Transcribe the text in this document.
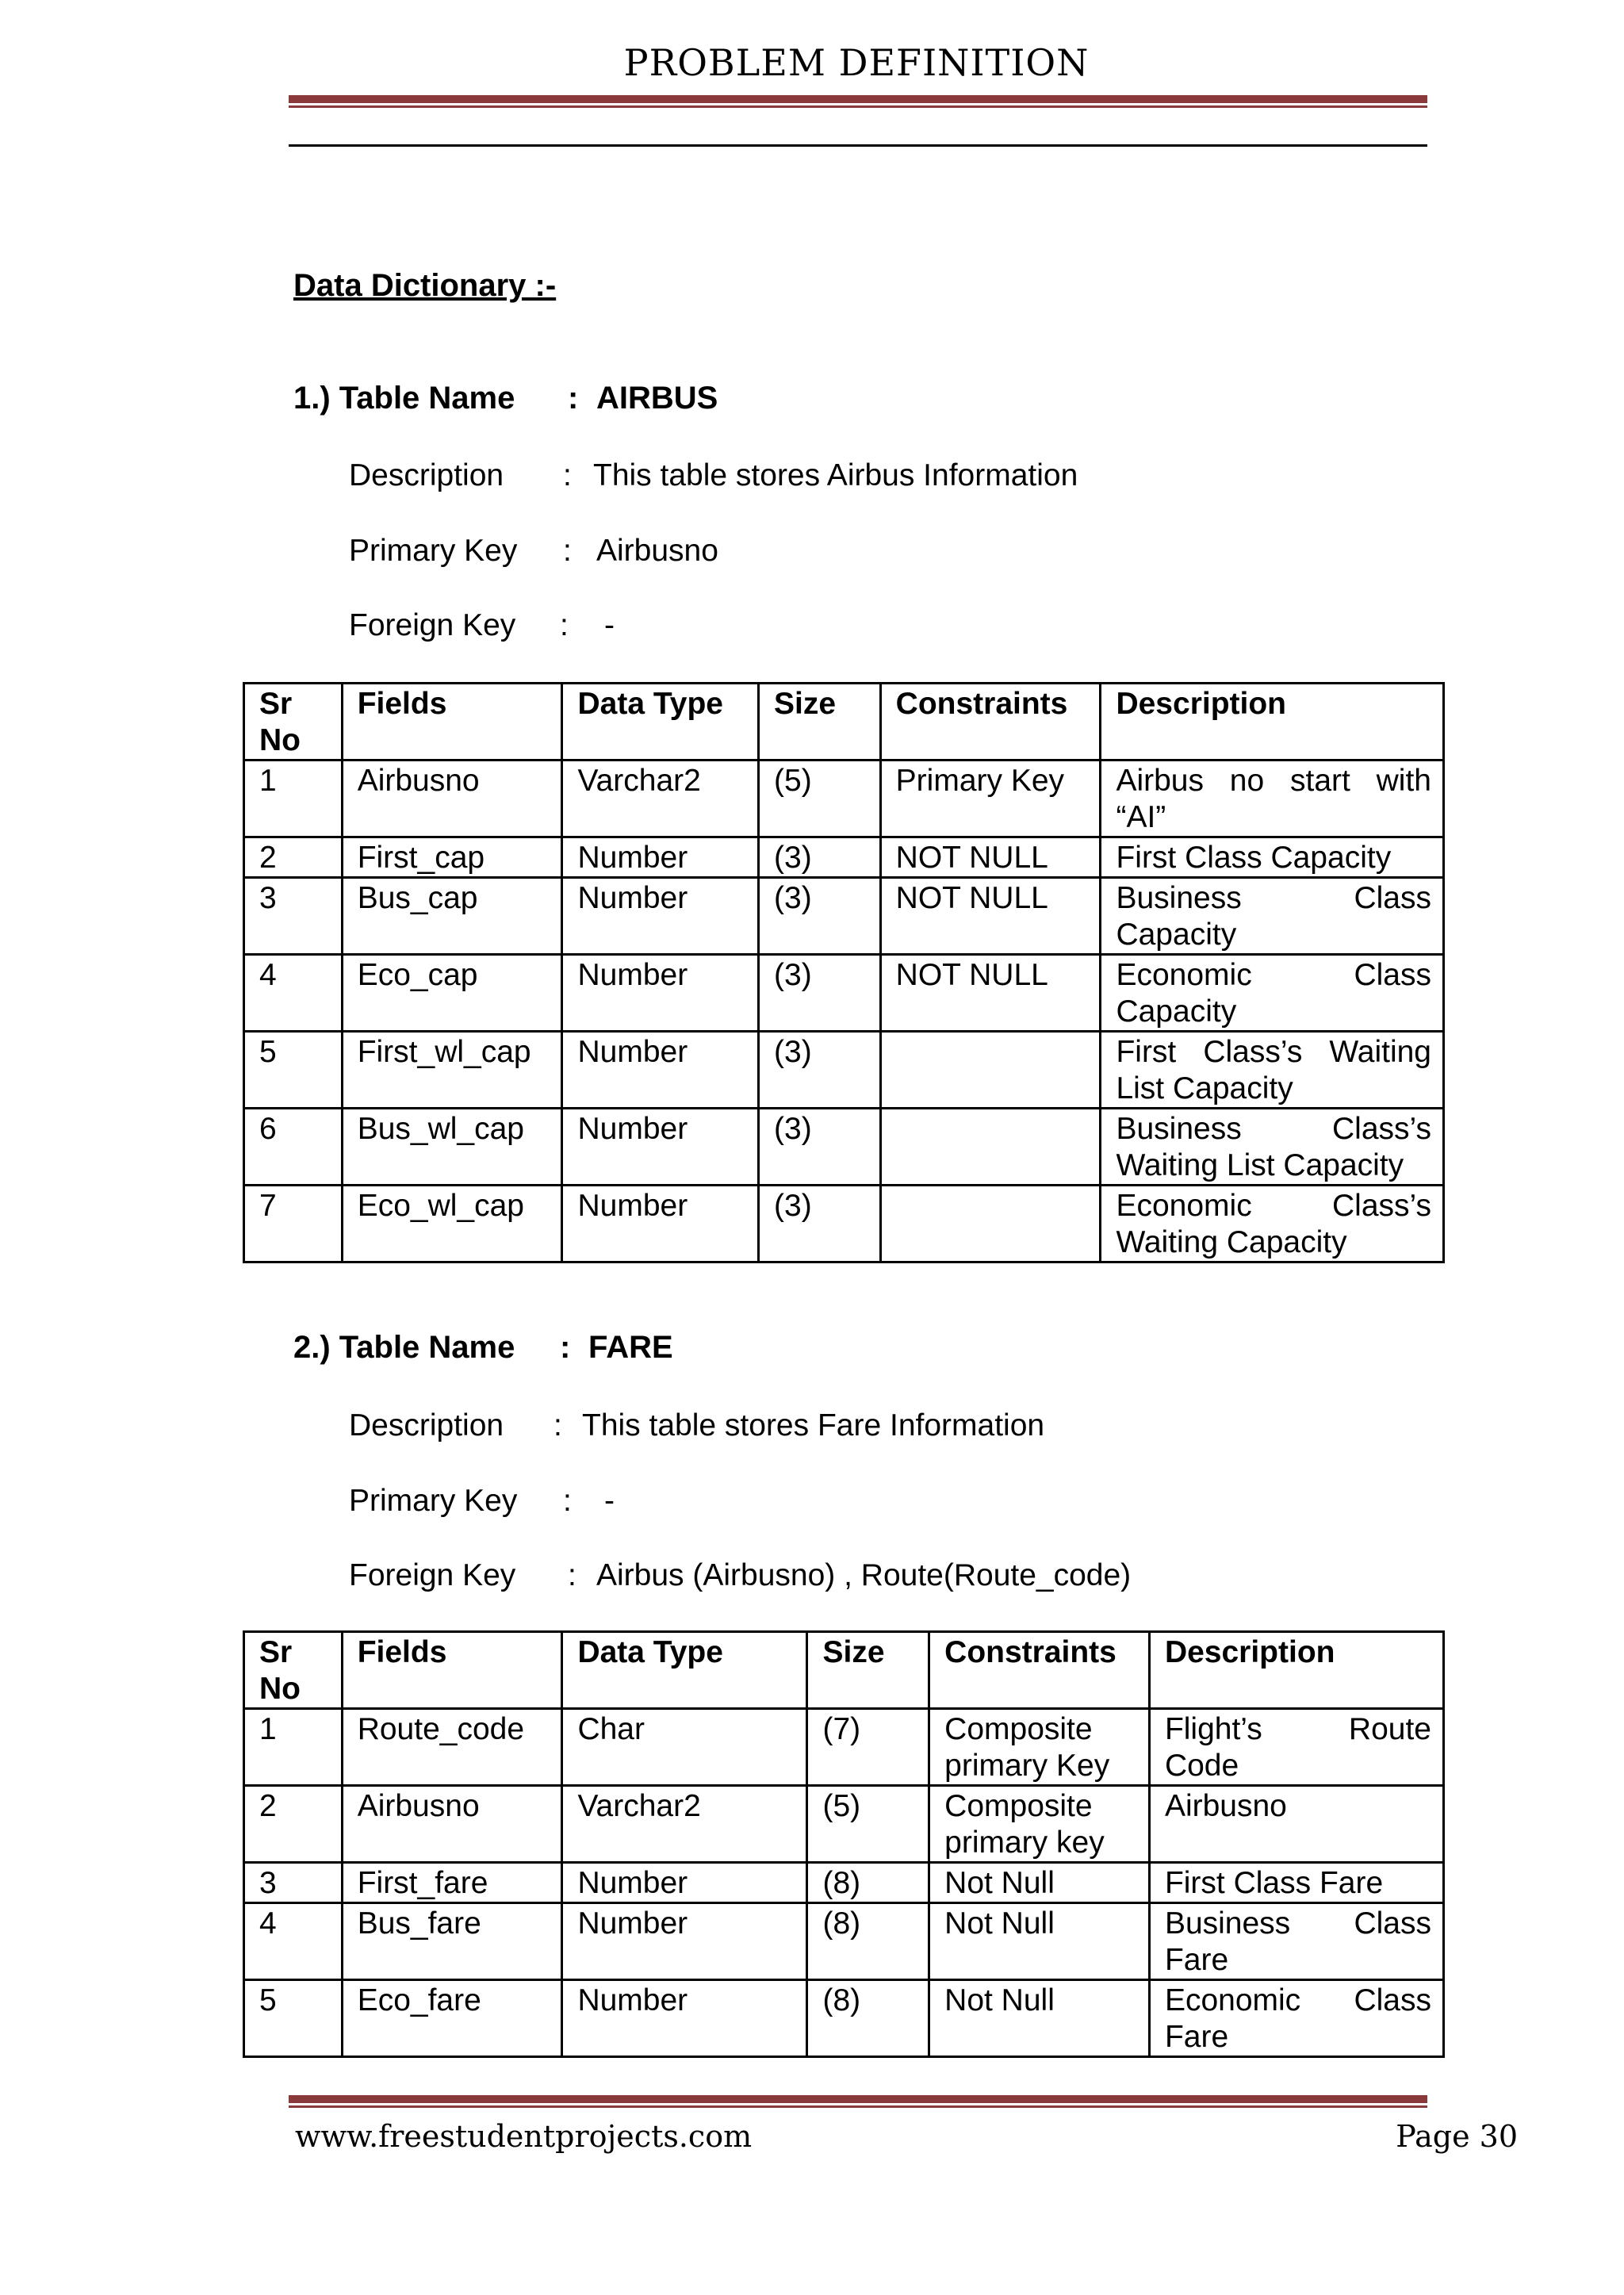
PROBLEM DEFINITION
Data Dictionary :-
1.) Table Name : AIRBUS
Description : This table stores Airbus Information
Primary Key : Airbusno
Foreign Key : -
Sr No	Fields	Data Type	Size	Constraints	Description
1	Airbusno	Varchar2	(5)	Primary Key	Airbus no start with “AI”
2	First_cap	Number	(3)	NOT NULL	First Class Capacity
3	Bus_cap	Number	(3)	NOT NULL	Business Class Capacity
4	Eco_cap	Number	(3)	NOT NULL	Economic Class Capacity
5	First_wl_cap	Number	(3)		First Class’s Waiting List Capacity
6	Bus_wl_cap	Number	(3)		Business Class’s Waiting List Capacity
7	Eco_wl_cap	Number	(3)		Economic Class’s Waiting Capacity
2.) Table Name : FARE
Description : This table stores Fare Information
Primary Key : -
Foreign Key : Airbus (Airbusno) , Route(Route_code)
Sr No	Fields	Data Type	Size	Constraints	Description
1	Route_code	Char	(7)	Composite primary Key	Flight’s Route Code
2	Airbusno	Varchar2	(5)	Composite primary key	Airbusno
3	First_fare	Number	(8)	Not Null	First Class Fare
4	Bus_fare	Number	(8)	Not Null	Business Class Fare
5	Eco_fare	Number	(8)	Not Null	Economic Class Fare
www.freestudentprojects.com	Page 30
